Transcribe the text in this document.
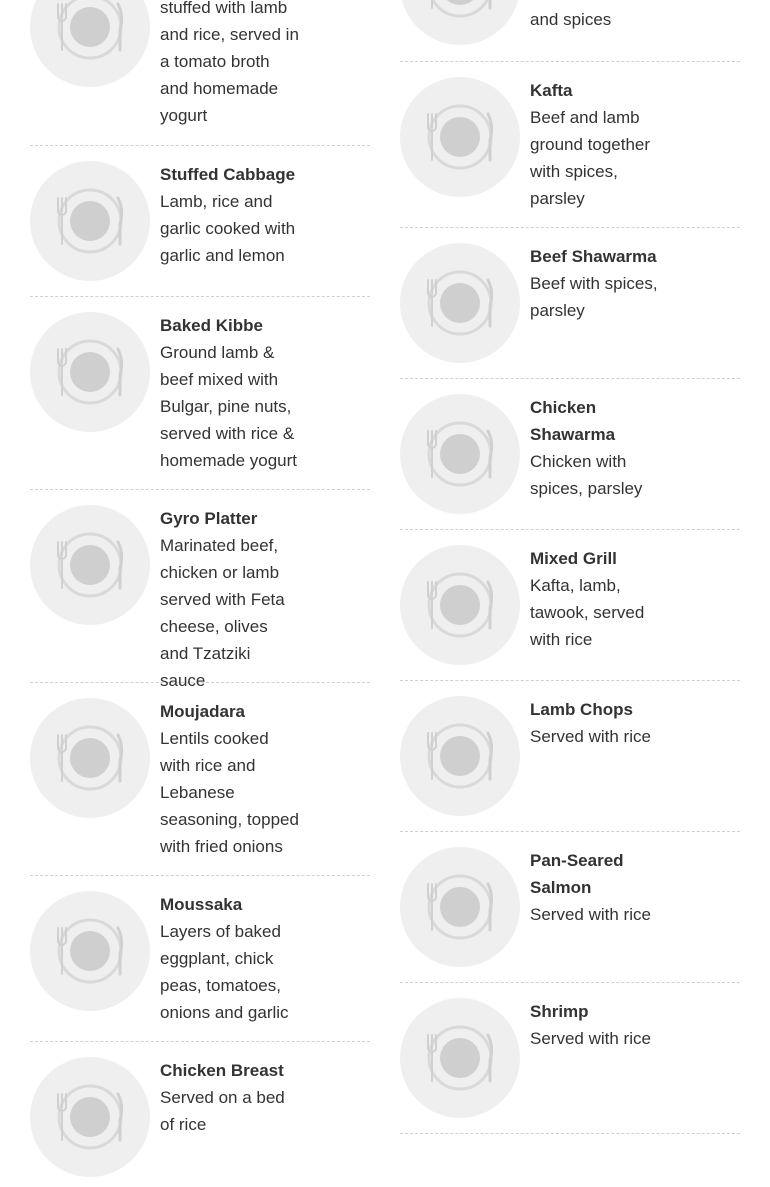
stuffed with lamb and rice, served in a tomato broth and homemade yogurt
Stuffed Cabbage
Lamb, rice and garlic cooked with garlic and lemon
Baked Kibbe
Ground lamb & beef mixed with Bulgar, pine nuts, served with rice & homemade yogurt
Gyro Platter
Marinated beef, chicken or lamb served with Feta cheese, olives and Tzatziki sauce
Moujadara
Lentils cooked with rice and Lebanese seasoning, topped with fried onions
Moussaka
Layers of baked eggplant, chick peas, tomatoes, onions and garlic
Chicken Breast
Served on a bed of rice
and spices
Kafta
Beef and lamb ground together with spices, parsley
Beef Shawarma
Beef with spices, parsley
Chicken Shawarma
Chicken with spices, parsley
Mixed Grill
Kafta, lamb, tawook, served with rice
Lamb Chops
Served with rice
Pan-Seared Salmon
Served with rice
Shrimp
Served with rice
